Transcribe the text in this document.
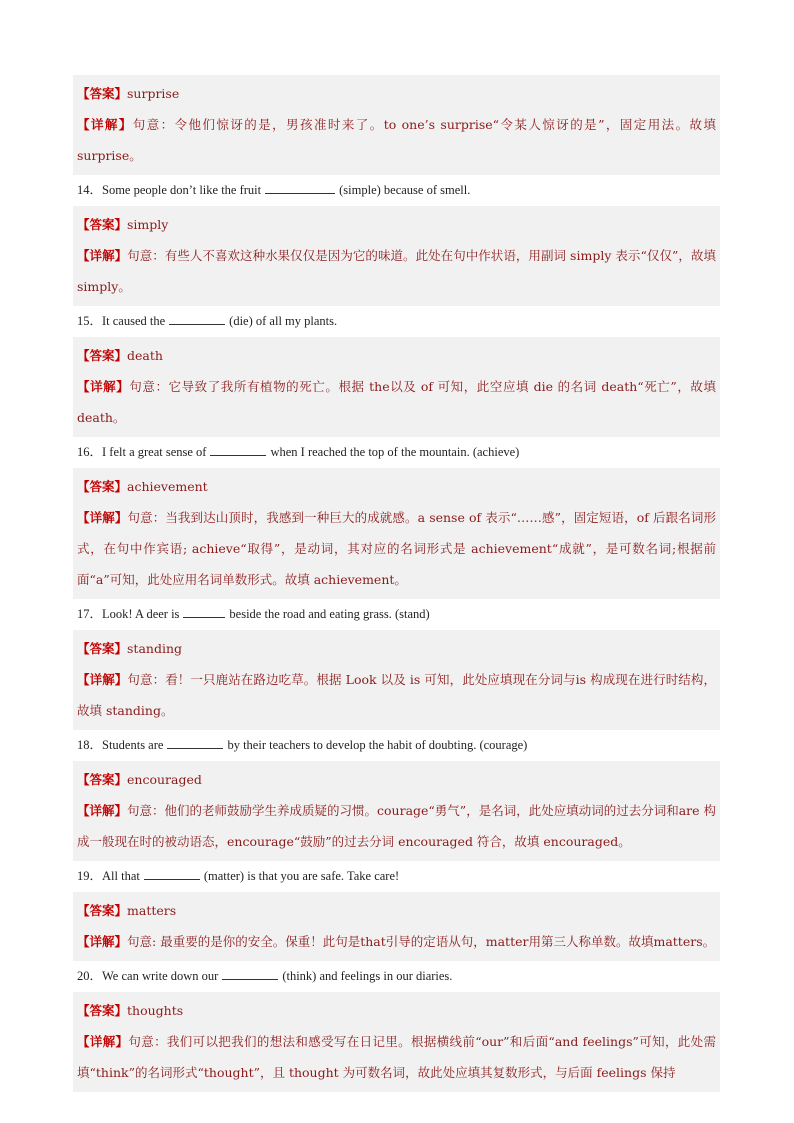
【答案】surprise

【详解】句意：令他们惊讶的是，男孩准时来了。to one’s surprise“令某人惊讶的是”，固定用法。故填surprise。

14．Some people don’t like the fruit	(simple) because of smell.

【答案】simply

【详解】句意：有些人不喜欢这种水果仅仅是因为它的味道。此处在句中作状语，用副词 simply 表示“仅仅”，故填 simply。

15．It caused the	(die) of all my plants.

【答案】death

【详解】句意：它导致了我所有植物的死亡。根据 the以及 of 可知，此空应填 die 的名词 death“死亡”，故填 death。

16．I felt a great sense of	when I reached the top of the mountain. (achieve)

【答案】achievement

【详解】句意：当我到达山顶时，我感到一种巨大的成就感。a sense of 表示“……感”，固定短语，of 后跟名词形式，在句中作宾语; achieve“取得”，是动词，其对应的名词形式是 achievement“成就”，是可数名词;根据前面“a”可知，此处应用名词单数形式。故填 achievement。

17．Look! A deer is	beside the road and eating grass. (stand)

【答案】standing

【详解】句意：看！一只鹿站在路边吃草。根据 Look 以及 is 可知，此处应填现在分词与is 构成现在进行时结构，故填 standing。

18．Students are	by their teachers to develop the habit of doubting. (courage)

【答案】encouraged

【详解】句意：他们的老师鼓励学生养成质疑的习惯。courage“勇气”，是名词，此处应填动词的过去分词和are 构成一般现在时的被动语态，encourage“鼓励”的过去分词 encouraged 符合，故填 encouraged。

19．All that	(matter) is that you are safe. Take care!

【答案】matters

【详解】句意: 最重要的是你的安全。保重！此句是that引导的定语从句，matter用第三人称单数。故填matters。

20．We can write down our	(think) and feelings in our diaries.

【答案】thoughts

【详解】句意：我们可以把我们的想法和感受写在日记里。根据横线前“our”和后面“and feelings”可知，此处需填“think”的名词形式“thought”，且 thought 为可数名词，故此处应填其复数形式，与后面 feelings 保持
